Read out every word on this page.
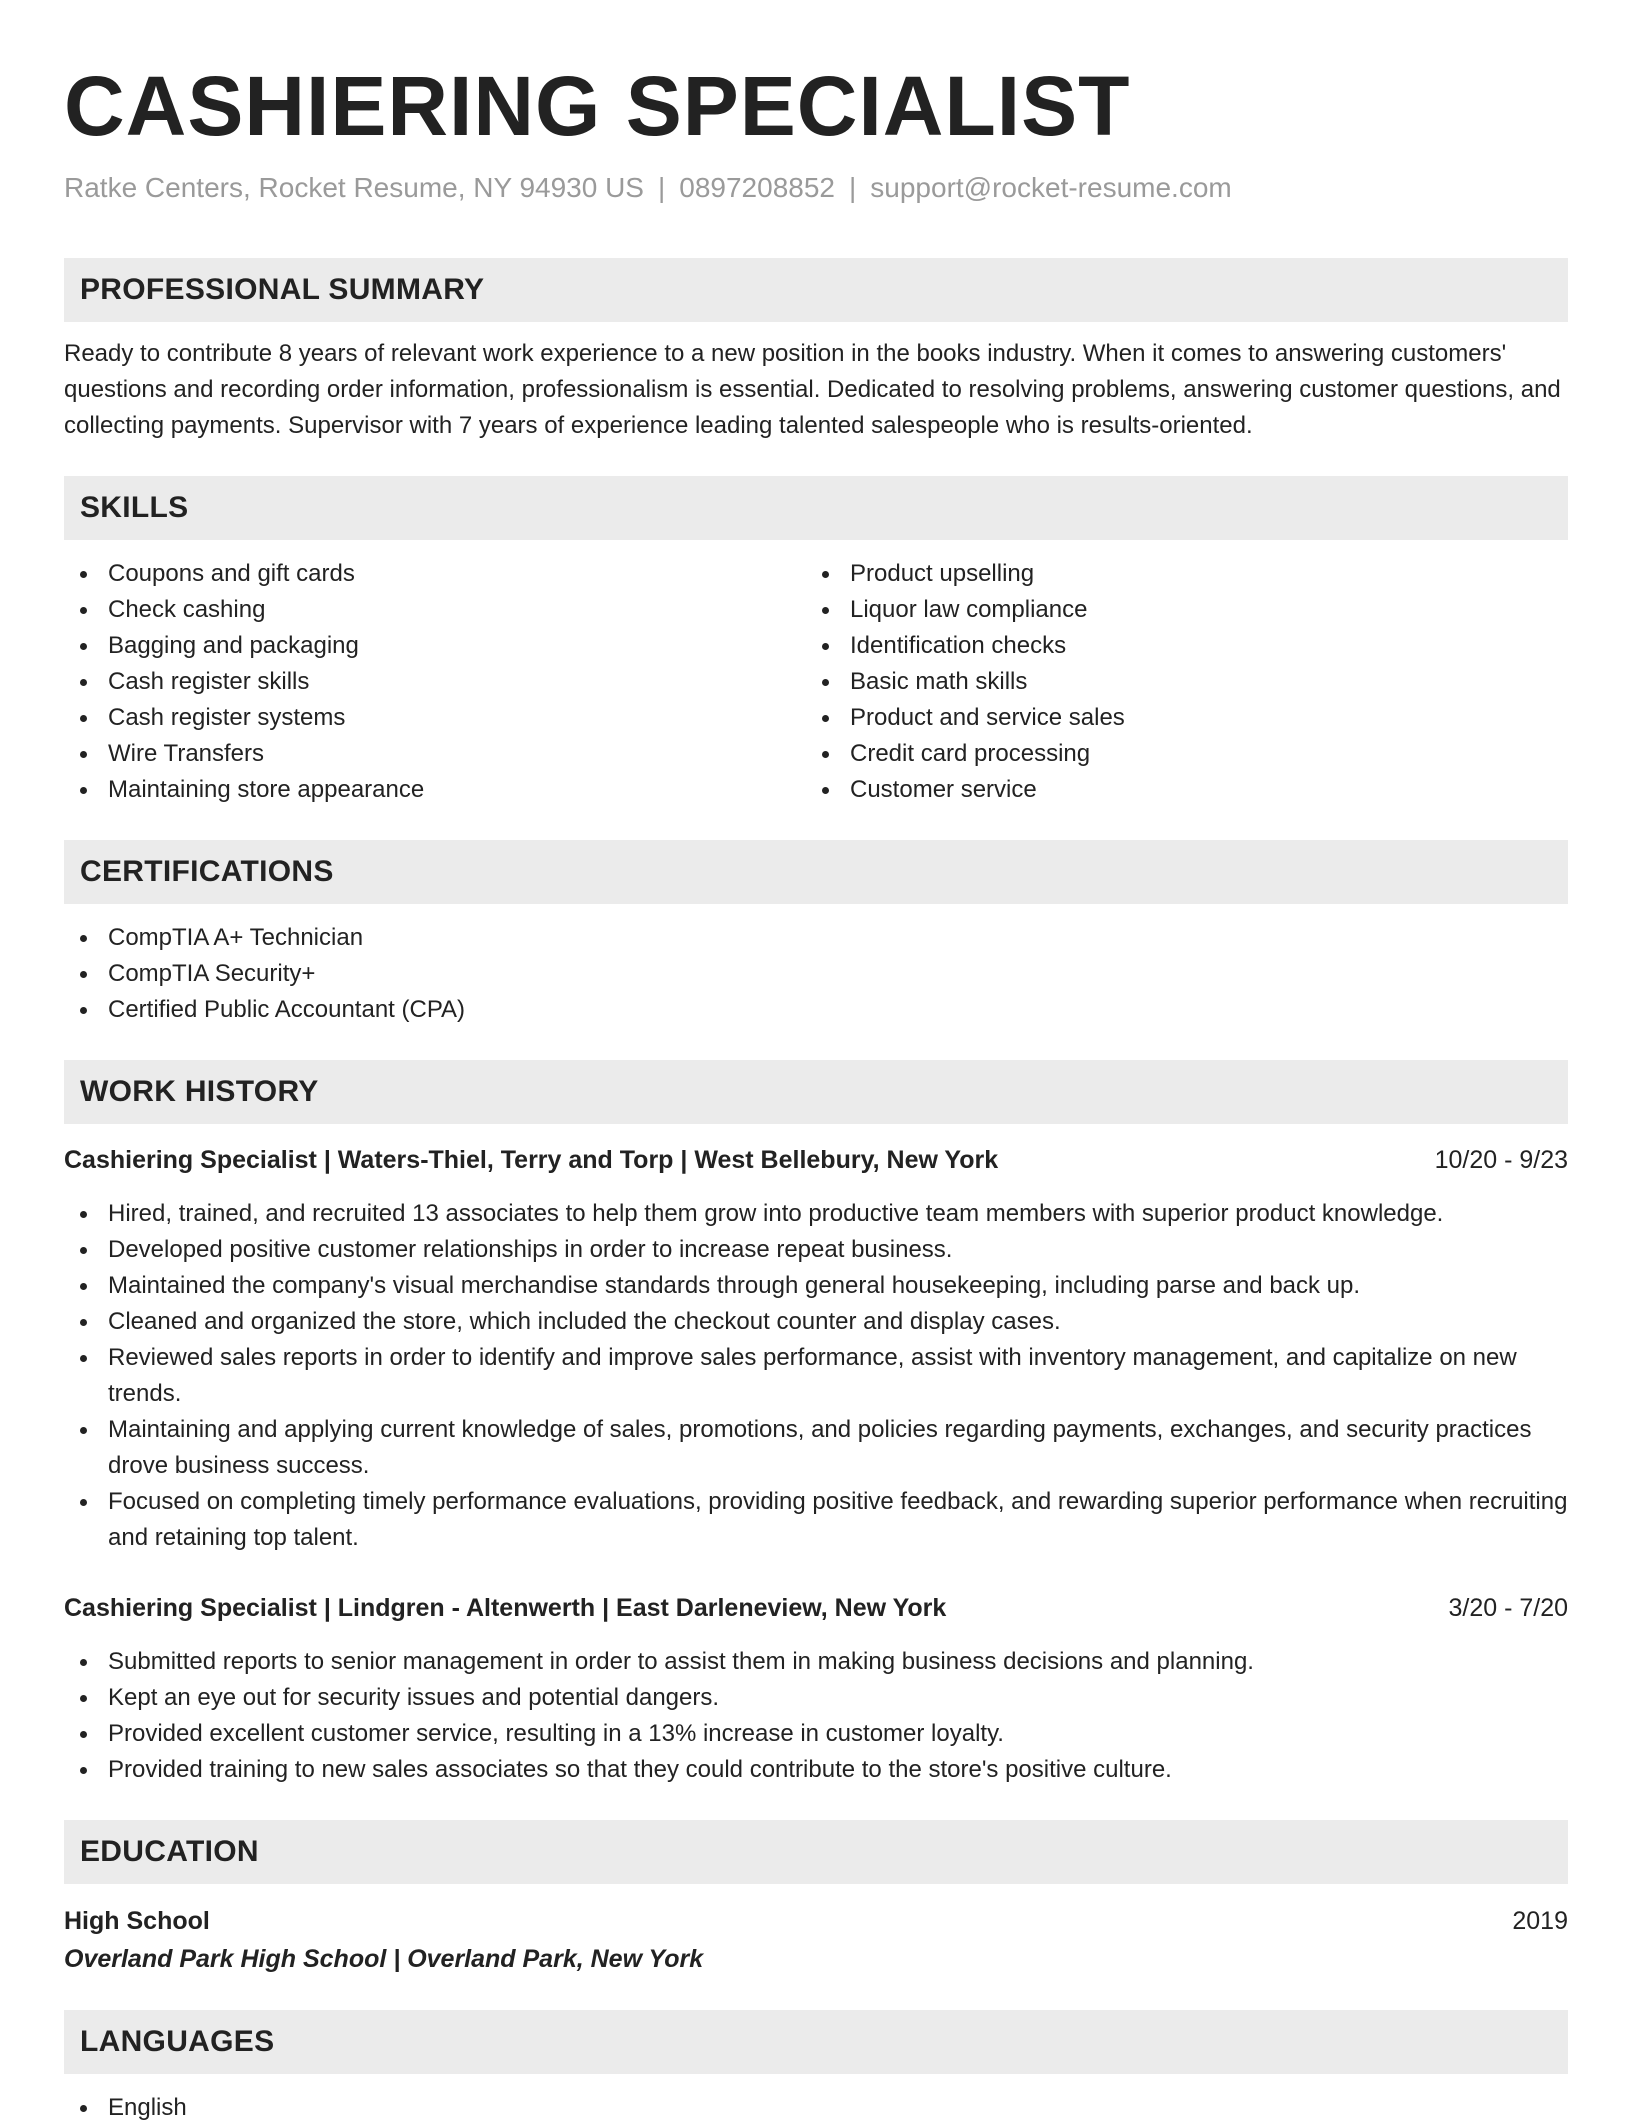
CASHIERING SPECIALIST
Ratke Centers, Rocket Resume, NY 94930 US | 0897208852 | support@rocket-resume.com
PROFESSIONAL SUMMARY
Ready to contribute 8 years of relevant work experience to a new position in the books industry. When it comes to answering customers' questions and recording order information, professionalism is essential. Dedicated to resolving problems, answering customer questions, and collecting payments. Supervisor with 7 years of experience leading talented salespeople who is results-oriented.
SKILLS
Coupons and gift cards
Check cashing
Bagging and packaging
Cash register skills
Cash register systems
Wire Transfers
Maintaining store appearance
Product upselling
Liquor law compliance
Identification checks
Basic math skills
Product and service sales
Credit card processing
Customer service
CERTIFICATIONS
CompTIA A+ Technician
CompTIA Security+
Certified Public Accountant (CPA)
WORK HISTORY
Cashiering Specialist | Waters-Thiel, Terry and Torp | West Bellebury, New York	10/20 - 9/23
Hired, trained, and recruited 13 associates to help them grow into productive team members with superior product knowledge.
Developed positive customer relationships in order to increase repeat business.
Maintained the company's visual merchandise standards through general housekeeping, including parse and back up.
Cleaned and organized the store, which included the checkout counter and display cases.
Reviewed sales reports in order to identify and improve sales performance, assist with inventory management, and capitalize on new trends.
Maintaining and applying current knowledge of sales, promotions, and policies regarding payments, exchanges, and security practices drove business success.
Focused on completing timely performance evaluations, providing positive feedback, and rewarding superior performance when recruiting and retaining top talent.
Cashiering Specialist | Lindgren - Altenwerth | East Darleneview, New York	3/20 - 7/20
Submitted reports to senior management in order to assist them in making business decisions and planning.
Kept an eye out for security issues and potential dangers.
Provided excellent customer service, resulting in a 13% increase in customer loyalty.
Provided training to new sales associates so that they could contribute to the store's positive culture.
EDUCATION
High School	2019
Overland Park High School | Overland Park, New York
LANGUAGES
English
